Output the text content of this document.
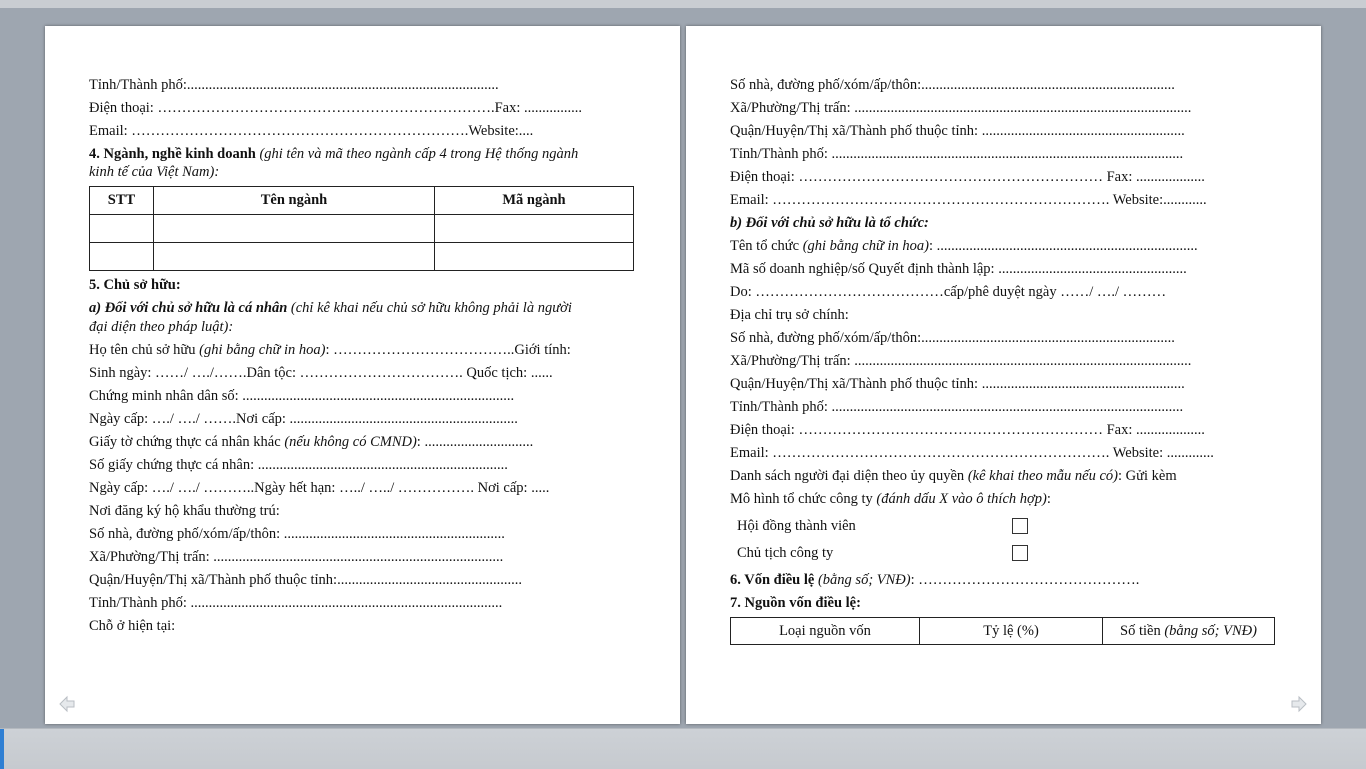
Tỉnh/Thành phố:......................................................................................
Điện thoại: …………………………………………………………….Fax: ................
Email: …………………………………………………………….Website:....
4. Ngành, nghề kinh doanh (ghi tên và mã theo ngành cấp 4 trong Hệ thống ngành
kinh tế của Việt Nam):
STT	Tên ngành	Mã ngành

5. Chủ sở hữu:
a) Đối với chủ sở hữu là cá nhân (chỉ kê khai nếu chủ sở hữu không phải là người
đại diện theo pháp luật):
Họ tên chủ sở hữu (ghi bằng chữ in hoa): ………………………………..Giới tính:
Sinh ngày: ……/ …./…….Dân tộc: ……………………………. Quốc tịch: ......
Chứng minh nhân dân số: ...........................................................................
Ngày cấp: …./ …./ …….Nơi cấp: ...............................................................
Giấy tờ chứng thực cá nhân khác (nếu không có CMND): ..............................
Số giấy chứng thực cá nhân: .....................................................................
Ngày cấp: …./ …./ ………..Ngày hết hạn: …../ …../ ……………. Nơi cấp: .....
Nơi đăng ký hộ khẩu thường trú:
Số nhà, đường phố/xóm/ấp/thôn: .............................................................
Xã/Phường/Thị trấn: ................................................................................
Quận/Huyện/Thị xã/Thành phố thuộc tỉnh:...................................................
Tỉnh/Thành phố: ......................................................................................
Chỗ ở hiện tại:
Số nhà, đường phố/xóm/ấp/thôn:......................................................................
Xã/Phường/Thị trấn: .............................................................................................
Quận/Huyện/Thị xã/Thành phố thuộc tỉnh: ........................................................
Tỉnh/Thành phố: .................................................................................................
Điện thoại: ……………………………………………………… Fax: ...................
Email: ……………………………………………………………. Website:............
b) Đối với chủ sở hữu là tổ chức:
Tên tổ chức (ghi bằng chữ in hoa): ........................................................................
Mã số doanh nghiệp/số Quyết định thành lập: ....................................................
Do: …………………………………cấp/phê duyệt ngày ……/ …./ ………
Địa chỉ trụ sở chính:
Số nhà, đường phố/xóm/ấp/thôn:......................................................................
Xã/Phường/Thị trấn: .............................................................................................
Quận/Huyện/Thị xã/Thành phố thuộc tỉnh: ........................................................
Tỉnh/Thành phố: .................................................................................................
Điện thoại: ……………………………………………………… Fax: ...................
Email: ……………………………………………………………. Website: .............
Danh sách người đại diện theo ủy quyền (kê khai theo mẫu nếu có): Gửi kèm
Mô hình tổ chức công ty (đánh dấu X vào ô thích hợp):
Hội đồng thành viên
Chủ tịch công ty
6. Vốn điều lệ (bằng số; VNĐ): ……………………………………….
7. Nguồn vốn điều lệ:
Loại nguồn vốn	Tỷ lệ (%)	Số tiền (bằng số; VNĐ)
